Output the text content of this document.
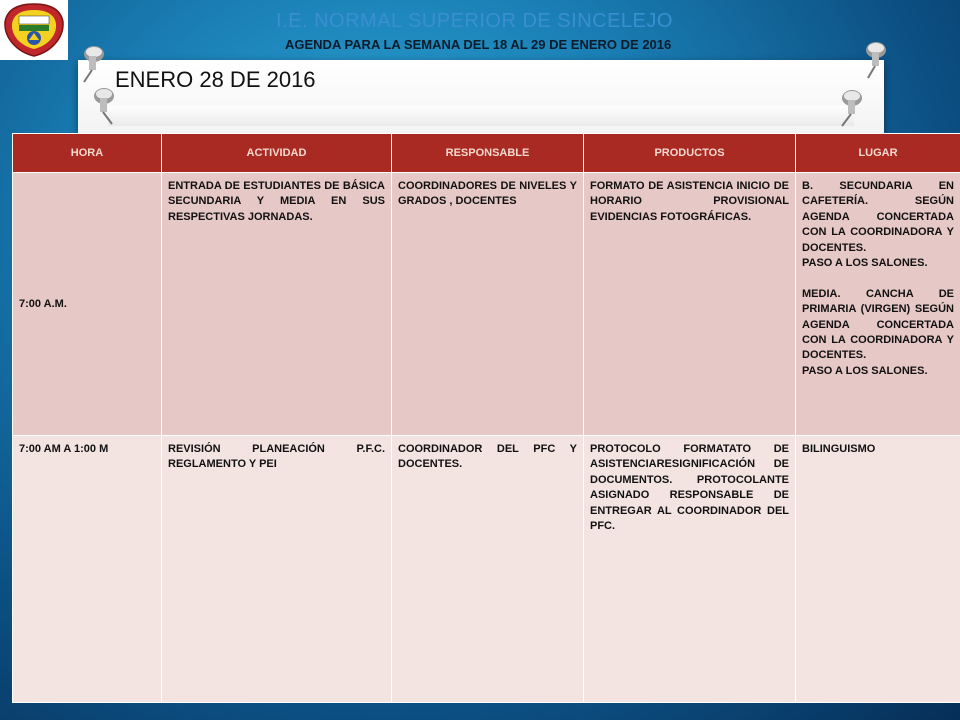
I.E. NORMAL SUPERIOR DE SINCELEJO
AGENDA PARA LA SEMANA DEL 18 AL 29 DE ENERO DE 2016
ENERO 28 DE 2016
HORA	ACTIVIDAD	RESPONSABLE	PRODUCTOS	LUGAR
7:00 A.M.	ENTRADA DE ESTUDIANTES DE BÁSICA SECUNDARIA Y MEDIA EN SUS RESPECTIVAS JORNADAS.	COORDINADORES DE NIVELES Y GRADOS , DOCENTES	FORMATO DE ASISTENCIA INICIO DE HORARIO PROVISIONAL EVIDENCIAS FOTOGRÁFICAS.	B. SECUNDARIA EN CAFETERÍA. SEGÚN AGENDA CONCERTADA CON LA COORDINADORA Y DOCENTES.
PASO A LOS SALONES.

MEDIA. CANCHA DE PRIMARIA (VIRGEN) SEGÚN AGENDA CONCERTADA CON LA COORDINADORA Y DOCENTES.
PASO A LOS SALONES.
7:00 AM A 1:00 M	REVISIÓN PLANEACIÓN P.F.C. REGLAMENTO Y PEI	COORDINADOR DEL PFC Y DOCENTES.	PROTOCOLO FORMATATO DE ASISTENCIARESIGNIFICACIÓN DE DOCUMENTOS. PROTOCOLANTE ASIGNADO RESPONSABLE DE ENTREGAR AL COORDINADOR DEL PFC.	BILINGUISMO
